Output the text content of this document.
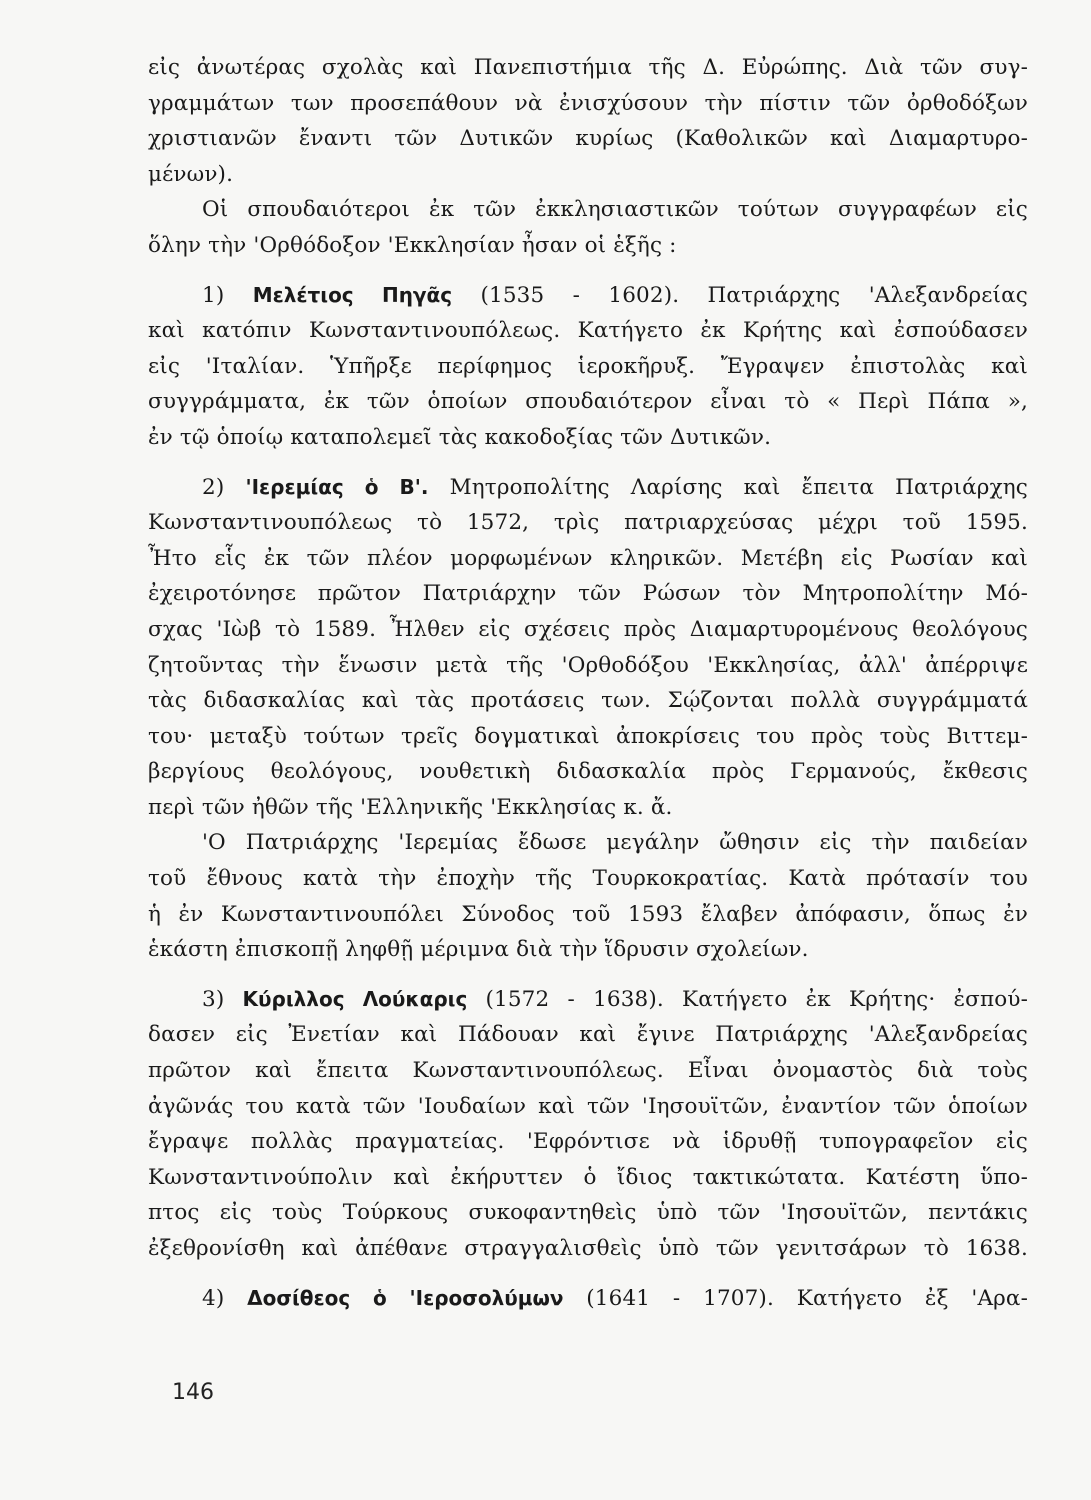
εἰς ἀνωτέρας σχολὰς καὶ Πανεπιστήμια τῆς Δ. Εὐρώπης. Διὰ τῶν συγ-
γραμμάτων των προσεπάθουν νὰ ἐνισχύσουν τὴν πίστιν τῶν ὀρθοδόξων
χριστιανῶν ἔναντι τῶν Δυτικῶν κυρίως (Καθολικῶν καὶ Διαμαρτυρο-
μένων).
Οἱ σπουδαιότεροι ἐκ τῶν ἐκκλησιαστικῶν τούτων συγγραφέων εἰς
ὅλην τὴν 'Ορθόδοξον 'Εκκλησίαν ἦσαν οἱ ἑξῆς :
1) Μελέτιος Πηγᾶς (1535 - 1602). Πατριάρχης 'Αλεξανδρείας
καὶ κατόπιν Κωνσταντινουπόλεως. Κατήγετο ἐκ Κρήτης καὶ ἐσπούδασεν
εἰς 'Ιταλίαν. Ὑπῆρξε περίφημος ἱεροκῆρυξ. Ἔγραψεν ἐπιστολὰς καὶ
συγγράμματα, ἐκ τῶν ὁποίων σπουδαιότερον εἶναι τὸ « Περὶ Πάπα »,
ἐν τῷ ὁποίῳ καταπολεμεῖ τὰς κακοδοξίας τῶν Δυτικῶν.
2) 'Ιερεμίας ὁ Β'. Μητροπολίτης Λαρίσης καὶ ἔπειτα Πατριάρχης
Κωνσταντινουπόλεως τὸ 1572, τρὶς πατριαρχεύσας μέχρι τοῦ 1595.
Ἦτο εἷς ἐκ τῶν πλέον μορφωμένων κληρικῶν. Μετέβη εἰς Ρωσίαν καὶ
ἐχειροτόνησε πρῶτον Πατριάρχην τῶν Ρώσων τὸν Μητροπολίτην Μό-
σχας 'Ιὼβ τὸ 1589. Ἦλθεν εἰς σχέσεις πρὸς Διαμαρτυρομένους θεολόγους
ζητοῦντας τὴν ἕνωσιν μετὰ τῆς 'Ορθοδόξου 'Εκκλησίας, ἀλλ' ἀπέρριψε
τὰς διδασκαλίας καὶ τὰς προτάσεις των. Σῴζονται πολλὰ συγγράμματά
του· μεταξὺ τούτων τρεῖς δογματικαὶ ἀποκρίσεις του πρὸς τοὺς Βιττεμ-
βεργίους θεολόγους, νουθετικὴ διδασκαλία πρὸς Γερμανούς, ἔκθεσις
περὶ τῶν ἠθῶν τῆς 'Ελληνικῆς 'Εκκλησίας κ. ἄ.
'Ο Πατριάρχης 'Ιερεμίας ἔδωσε μεγάλην ὤθησιν εἰς τὴν παιδείαν
τοῦ ἔθνους κατὰ τὴν ἐποχὴν τῆς Τουρκοκρατίας. Κατὰ πρότασίν του
ἡ ἐν Κωνσταντινουπόλει Σύνοδος τοῦ 1593 ἔλαβεν ἀπόφασιν, ὅπως ἐν
ἑκάστη ἐπισκοπῇ ληφθῇ μέριμνα διὰ τὴν ἵδρυσιν σχολείων.
3) Κύριλλος Λούκαρις (1572 - 1638). Κατήγετο ἐκ Κρήτης· ἐσπού-
δασεν εἰς Ἐνετίαν καὶ Πάδουαν καὶ ἔγινε Πατριάρχης 'Αλεξανδρείας
πρῶτον καὶ ἔπειτα Κωνσταντινουπόλεως. Εἶναι ὀνομαστὸς διὰ τοὺς
ἀγῶνάς του κατὰ τῶν 'Ιουδαίων καὶ τῶν 'Ιησουϊτῶν, ἐναντίον τῶν ὁποίων
ἔγραψε πολλὰς πραγματείας. 'Εφρόντισε νὰ ἱδρυθῇ τυπογραφεῖον εἰς
Κωνσταντινούπολιν καὶ ἐκήρυττεν ὁ ἴδιος τακτικώτατα. Κατέστη ὕπο-
πτος εἰς τοὺς Τούρκους συκοφαντηθεὶς ὑπὸ τῶν 'Ιησουϊτῶν, πεντάκις
ἐξεθρονίσθη καὶ ἀπέθανε στραγγαλισθεὶς ὑπὸ τῶν γενιτσάρων τὸ 1638.
4) Δοσίθεος ὁ 'Ιεροσολύμων (1641 - 1707). Κατήγετο ἐξ 'Αρα-
146
